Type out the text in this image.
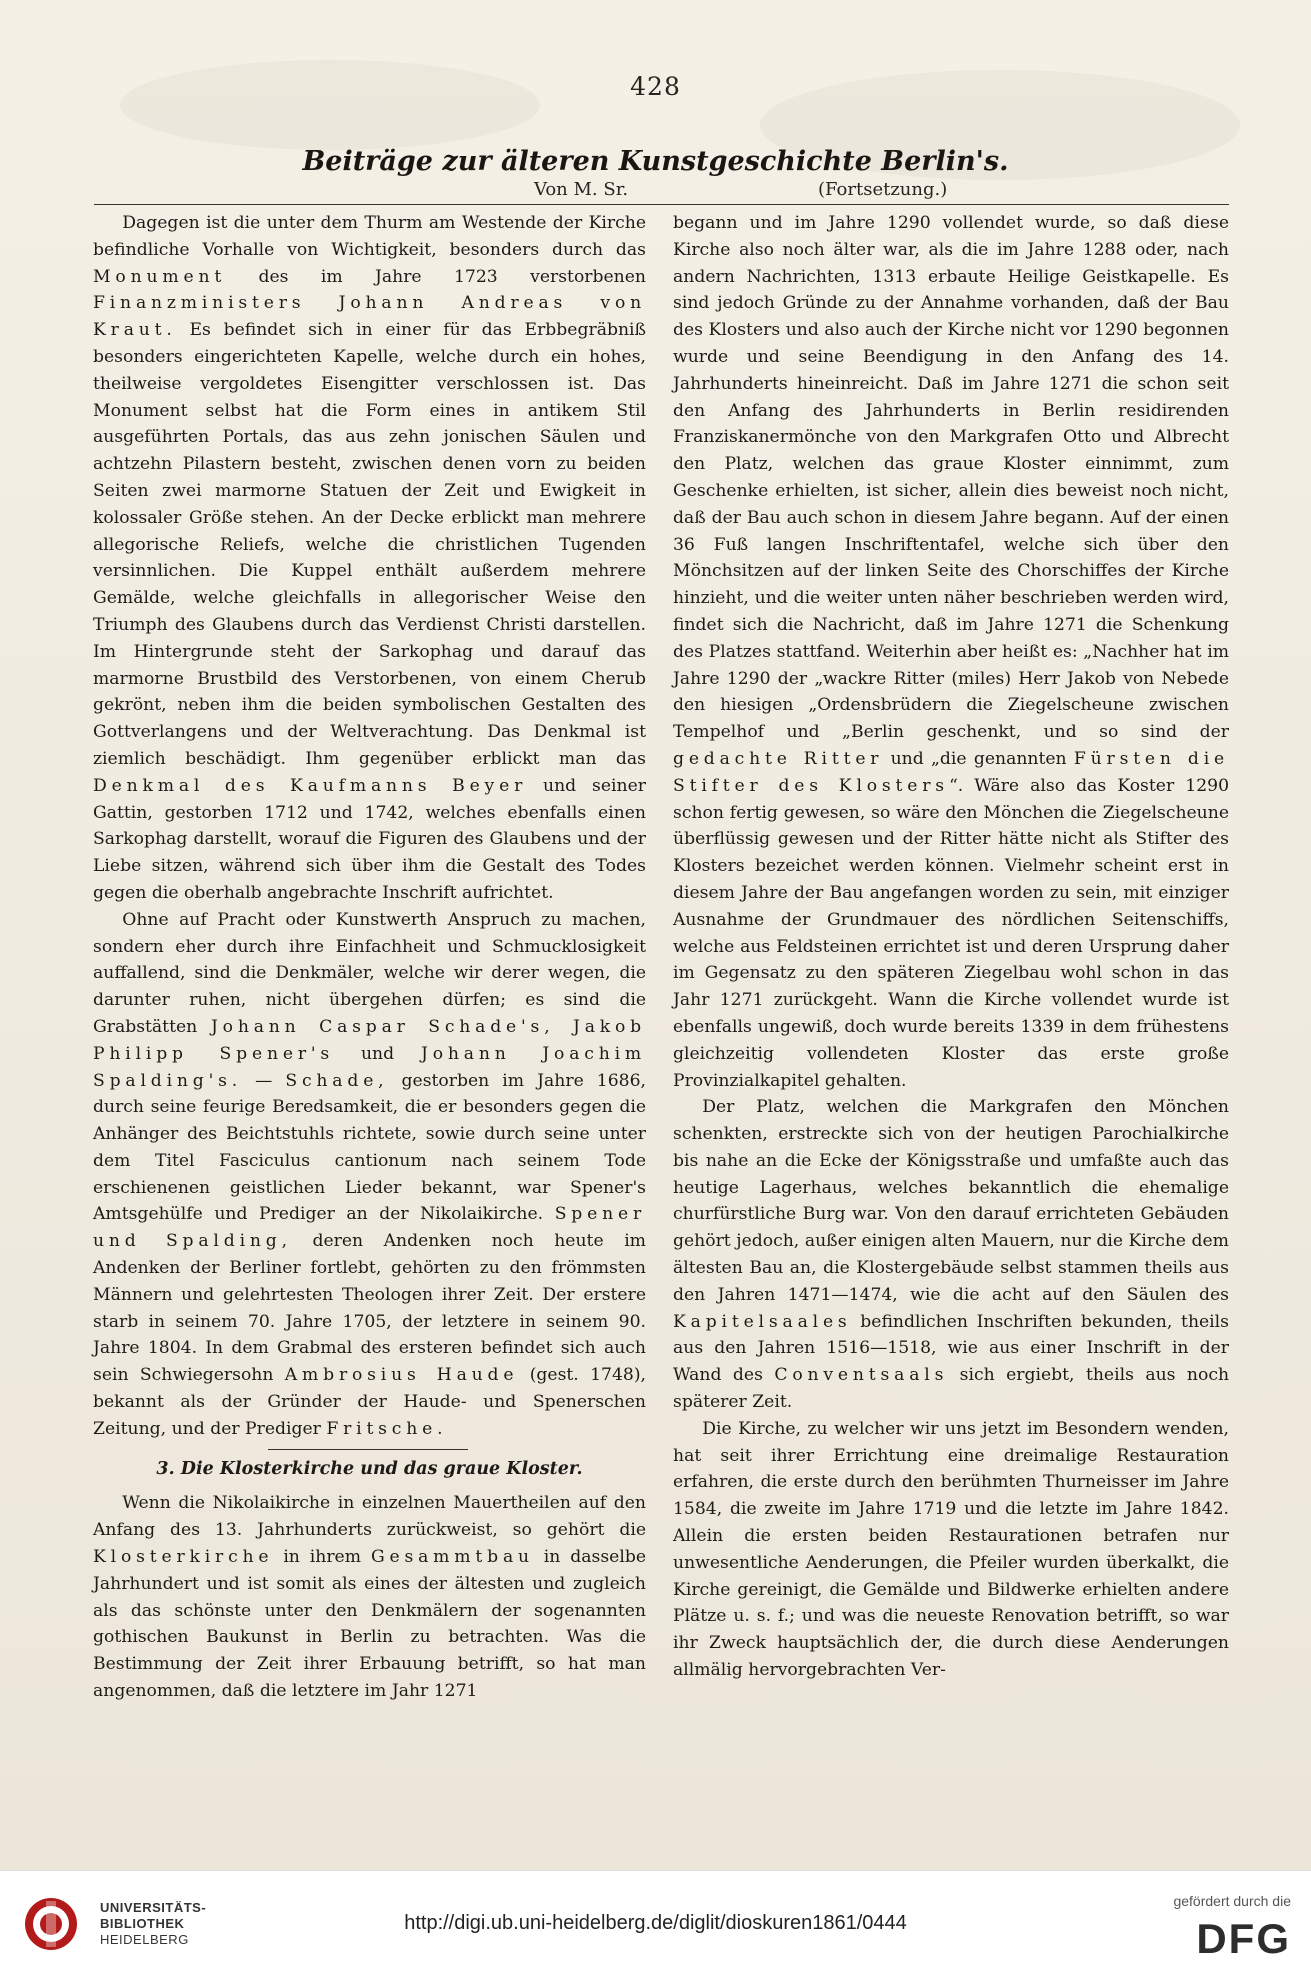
428
Beiträge zur älteren Kunstgeschichte Berlin's.
Von M. Sr.	(Fortsetzung.)

Dagegen ist die unter dem Thurm am Westende der Kirche befindliche Vorhalle von Wichtigkeit, besonders durch das Monument des im Jahre 1723 verstorbenen Finanzministers Johann Andreas von Kraut. Es befindet sich in einer für das Erbbegräbniß besonders eingerichteten Kapelle, welche durch ein hohes, theilweise vergoldetes Eisengitter verschlossen ist. Das Monument selbst hat die Form eines in antikem Stil ausgeführten Portals, das aus zehn jonischen Säulen und achtzehn Pilastern besteht, zwischen denen vorn zu beiden Seiten zwei marmorne Statuen der Zeit und Ewigkeit in kolossaler Größe stehen. An der Decke erblickt man mehrere allegorische Reliefs, welche die christlichen Tugenden versinnlichen. Die Kuppel enthält außerdem mehrere Gemälde, welche gleichfalls in allegorischer Weise den Triumph des Glaubens durch das Verdienst Christi darstellen. Im Hintergrunde steht der Sarkophag und darauf das marmorne Brustbild des Verstorbenen, von einem Cherub gekrönt, neben ihm die beiden symbolischen Gestalten des Gottverlangens und der Weltverachtung. Das Denkmal ist ziemlich beschädigt. Ihm gegenüber erblickt man das Denkmal des Kaufmanns Beyer und seiner Gattin, gestorben 1712 und 1742, welches ebenfalls einen Sarkophag darstellt, worauf die Figuren des Glaubens und der Liebe sitzen, während sich über ihm die Gestalt des Todes gegen die oberhalb angebrachte Inschrift aufrichtet.

Ohne auf Pracht oder Kunstwerth Anspruch zu machen, sondern eher durch ihre Einfachheit und Schmucklosigkeit auffallend, sind die Denkmäler, welche wir derer wegen, die darunter ruhen, nicht übergehen dürfen; es sind die Grabstätten Johann Caspar Schade's, Jakob Philipp Spener's und Johann Joachim Spalding's. — Schade, gestorben im Jahre 1686, durch seine feurige Beredsamkeit, die er besonders gegen die Anhänger des Beichtstuhls richtete, sowie durch seine unter dem Titel Fasciculus cantionum nach seinem Tode erschienenen geistlichen Lieder bekannt, war Spener's Amtsgehülfe und Prediger an der Nikolaikirche. Spener und Spalding, deren Andenken noch heute im Andenken der Berliner fortlebt, gehörten zu den frömmsten Männern und gelehrtesten Theologen ihrer Zeit. Der erstere starb in seinem 70. Jahre 1705, der letztere in seinem 90. Jahre 1804. In dem Grabmal des ersteren befindet sich auch sein Schwiegersohn Ambrosius Haude (gest. 1748), bekannt als der Gründer der Haude- und Spenerschen Zeitung, und der Prediger Fritsche.

3. Die Klosterkirche und das graue Kloster.

Wenn die Nikolaikirche in einzelnen Mauertheilen auf den Anfang des 13. Jahrhunderts zurückweist, so gehört die Klosterkirche in ihrem Gesammtbau in dasselbe Jahrhundert und ist somit als eines der ältesten und zugleich als das schönste unter den Denkmälern der sogenannten gothischen Baukunst in Berlin zu betrachten. Was die Bestimmung der Zeit ihrer Erbauung betrifft, so hat man angenommen, daß die letztere im Jahr 1271

begann und im Jahre 1290 vollendet wurde, so daß diese Kirche also noch älter war, als die im Jahre 1288 oder, nach andern Nachrichten, 1313 erbaute Heilige Geistkapelle. Es sind jedoch Gründe zu der Annahme vorhanden, daß der Bau des Klosters und also auch der Kirche nicht vor 1290 begonnen wurde und seine Beendigung in den Anfang des 14. Jahrhunderts hineinreicht. Daß im Jahre 1271 die schon seit den Anfang des Jahrhunderts in Berlin residirenden Franziskanermönche von den Markgrafen Otto und Albrecht den Platz, welchen das graue Kloster einnimmt, zum Geschenke erhielten, ist sicher, allein dies beweist noch nicht, daß der Bau auch schon in diesem Jahre begann. Auf der einen 36 Fuß langen Inschriftentafel, welche sich über den Mönchsitzen auf der linken Seite des Chorschiffes der Kirche hinzieht, und die weiter unten näher beschrieben werden wird, findet sich die Nachricht, daß im Jahre 1271 die Schenkung des Platzes stattfand. Weiterhin aber heißt es: „Nachher hat im Jahre 1290 der „wackre Ritter (miles) Herr Jakob von Nebede den hiesigen „Ordensbrüdern die Ziegelscheune zwischen Tempelhof und „Berlin geschenkt, und so sind der gedachte Ritter und „die genannten Fürsten die Stifter des Klosters“. Wäre also das Koster 1290 schon fertig gewesen, so wäre den Mönchen die Ziegelscheune überflüssig gewesen und der Ritter hätte nicht als Stifter des Klosters bezeichet werden können. Vielmehr scheint erst in diesem Jahre der Bau angefangen worden zu sein, mit einziger Ausnahme der Grundmauer des nördlichen Seitenschiffs, welche aus Feldsteinen errichtet ist und deren Ursprung daher im Gegensatz zu den späteren Ziegelbau wohl schon in das Jahr 1271 zurückgeht. Wann die Kirche vollendet wurde ist ebenfalls ungewiß, doch wurde bereits 1339 in dem frühestens gleichzeitig vollendeten Kloster das erste große Provinzialkapitel gehalten.

Der Platz, welchen die Markgrafen den Mönchen schenkten, erstreckte sich von der heutigen Parochialkirche bis nahe an die Ecke der Königsstraße und umfaßte auch das heutige Lagerhaus, welches bekanntlich die ehemalige churfürstliche Burg war. Von den darauf errichteten Gebäuden gehört jedoch, außer einigen alten Mauern, nur die Kirche dem ältesten Bau an, die Klostergebäude selbst stammen theils aus den Jahren 1471—1474, wie die acht auf den Säulen des Kapitelsaales befindlichen Inschriften bekunden, theils aus den Jahren 1516—1518, wie aus einer Inschrift in der Wand des Conventsaals sich ergiebt, theils aus noch späterer Zeit.

Die Kirche, zu welcher wir uns jetzt im Besondern wenden, hat seit ihrer Errichtung eine dreimalige Restauration erfahren, die erste durch den berühmten Thurneisser im Jahre 1584, die zweite im Jahre 1719 und die letzte im Jahre 1842. Allein die ersten beiden Restaurationen betrafen nur unwesentliche Aenderungen, die Pfeiler wurden überkalkt, die Kirche gereinigt, die Gemälde und Bildwerke erhielten andere Plätze u. s. f.; und was die neueste Renovation betrifft, so war ihr Zweck hauptsächlich der, die durch diese Aenderungen allmälig hervorgebrachten Ver-

UNIVERSITÄTS-
BIBLIOTHEK
HEIDELBERG
http://digi.ub.uni-heidelberg.de/diglit/dioskuren1861/0444
gefördert durch die
DFG
